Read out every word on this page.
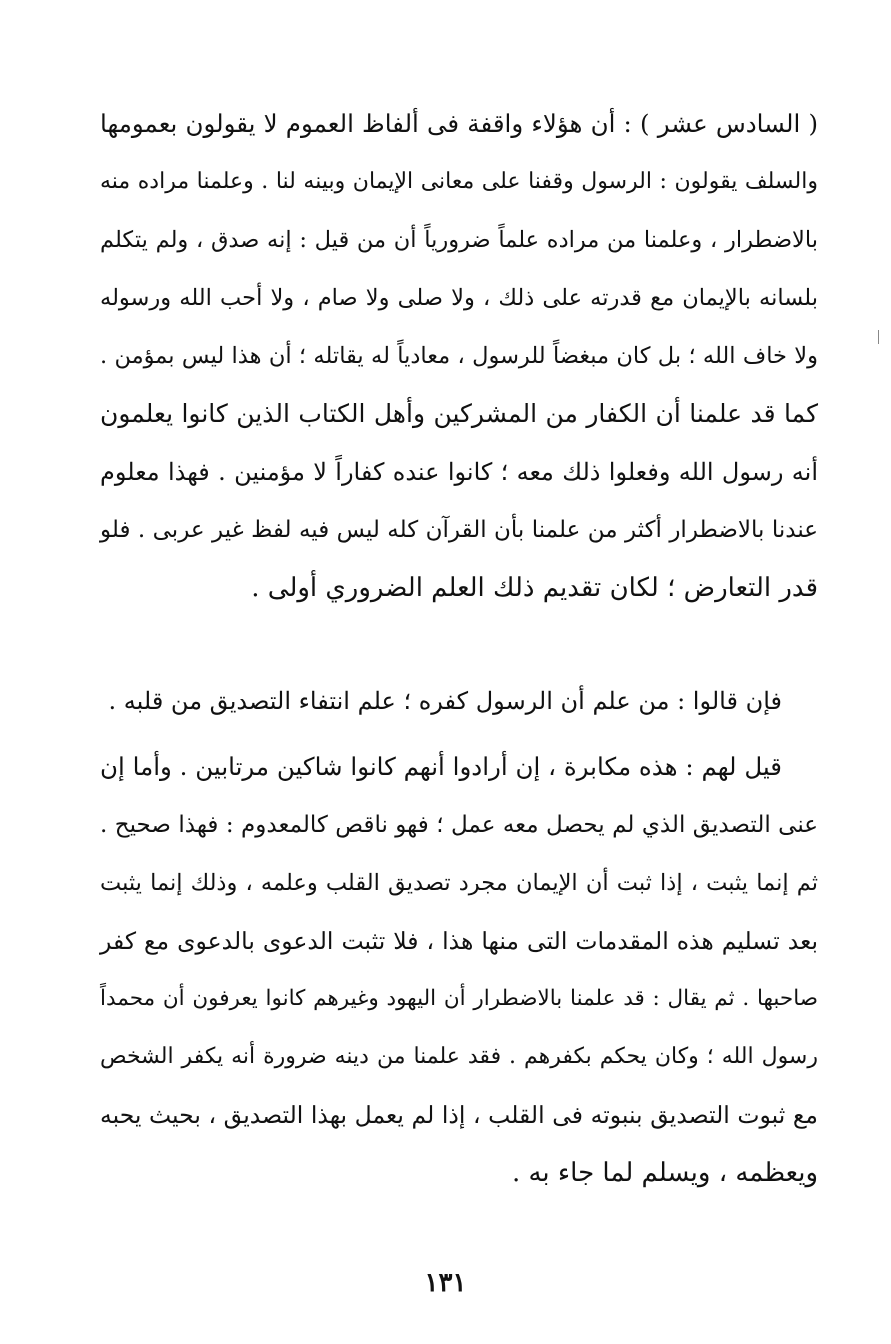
( السادس عشر ) : أن هؤلاء واقفة فى ألفاظ العموم لا يقولون بعمومها
والسلف يقولون : الرسول وقفنا على معانى الإيمان وبينه لنا . وعلمنا مراده منه
بالاضطرار ، وعلمنا من مراده علماً ضرورياً أن من قيل : إنه صدق ، ولم يتكلم
بلسانه بالإيمان مع قدرته على ذلك ، ولا صلى ولا صام ، ولا أحب الله ورسوله
ولا خاف الله ؛ بل كان مبغضاً للرسول ، معادياً له يقاتله ؛ أن هذا ليس بمؤمن .
كما قد علمنا أن الكفار من المشركين وأهل الكتاب الذين كانوا يعلمون
أنه رسول الله وفعلوا ذلك معه ؛ كانوا عنده كفاراً لا مؤمنين . فهذا معلوم
عندنا بالاضطرار أكثر من علمنا بأن القرآن كله ليس فيه لفظ غير عربى . فلو
قدر التعارض ؛ لكان تقديم ذلك العلم الضروري أولى .
فإن قالوا : من علم أن الرسول كفره ؛ علم انتفاء التصديق من قلبه .
قيل لهم : هذه مكابرة ، إن أرادوا أنهم كانوا شاكين مرتابين . وأما إن
عنى التصديق الذي لم يحصل معه عمل ؛ فهو ناقص كالمعدوم : فهذا صحيح .
ثم إنما يثبت ، إذا ثبت أن الإيمان مجرد تصديق القلب وعلمه ، وذلك إنما يثبت
بعد تسليم هذه المقدمات التى منها هذا ، فلا تثبت الدعوى بالدعوى مع كفر
صاحبها . ثم يقال : قد علمنا بالاضطرار أن اليهود وغيرهم كانوا يعرفون أن محمداً
رسول الله ؛ وكان يحكم بكفرهم . فقد علمنا من دينه ضرورة أنه يكفر الشخص
مع ثبوت التصديق بنبوته فى القلب ، إذا لم يعمل بهذا التصديق ، بحيث يحبه
ويعظمه ، ويسلم لما جاء به .
١٣١
